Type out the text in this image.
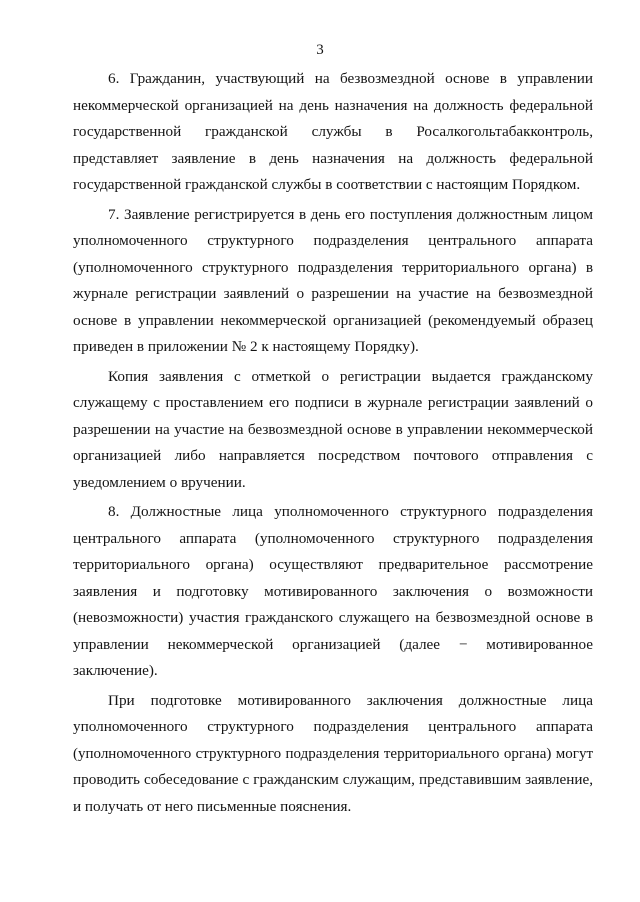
3
6. Гражданин, участвующий на безвозмездной основе в управлении
некоммерческой организацией на день назначения на должность федеральной
государственной гражданской службы в Росалкогольтабакконтроль,
представляет заявление в день назначения на должность федеральной
государственной гражданской службы в соответствии с настоящим Порядком.
7. Заявление регистрируется в день его поступления должностным лицом
уполномоченного структурного подразделения центрального аппарата
(уполномоченного структурного подразделения территориального органа) в
журнале регистрации заявлений о разрешении на участие на безвозмездной
основе в управлении некоммерческой организацией (рекомендуемый образец
приведен в приложении № 2 к настоящему Порядку).
Копия заявления с отметкой о регистрации выдается гражданскому
служащему с проставлением его подписи в журнале регистрации заявлений о
разрешении на участие на безвозмездной основе в управлении некоммерческой
организацией либо направляется посредством почтового отправления с
уведомлением о вручении.
8. Должностные лица уполномоченного структурного подразделения
центрального аппарата (уполномоченного структурного подразделения
территориального органа) осуществляют предварительное рассмотрение
заявления и подготовку мотивированного заключения о возможности
(невозможности) участия гражданского служащего на безвозмездной основе в
управлении некоммерческой организацией (далее − мотивированное
заключение).
При подготовке мотивированного заключения должностные лица
уполномоченного структурного подразделения центрального аппарата
(уполномоченного структурного подразделения территориального органа) могут
проводить собеседование с гражданским служащим, представившим заявление,
и получать от него письменные пояснения.
